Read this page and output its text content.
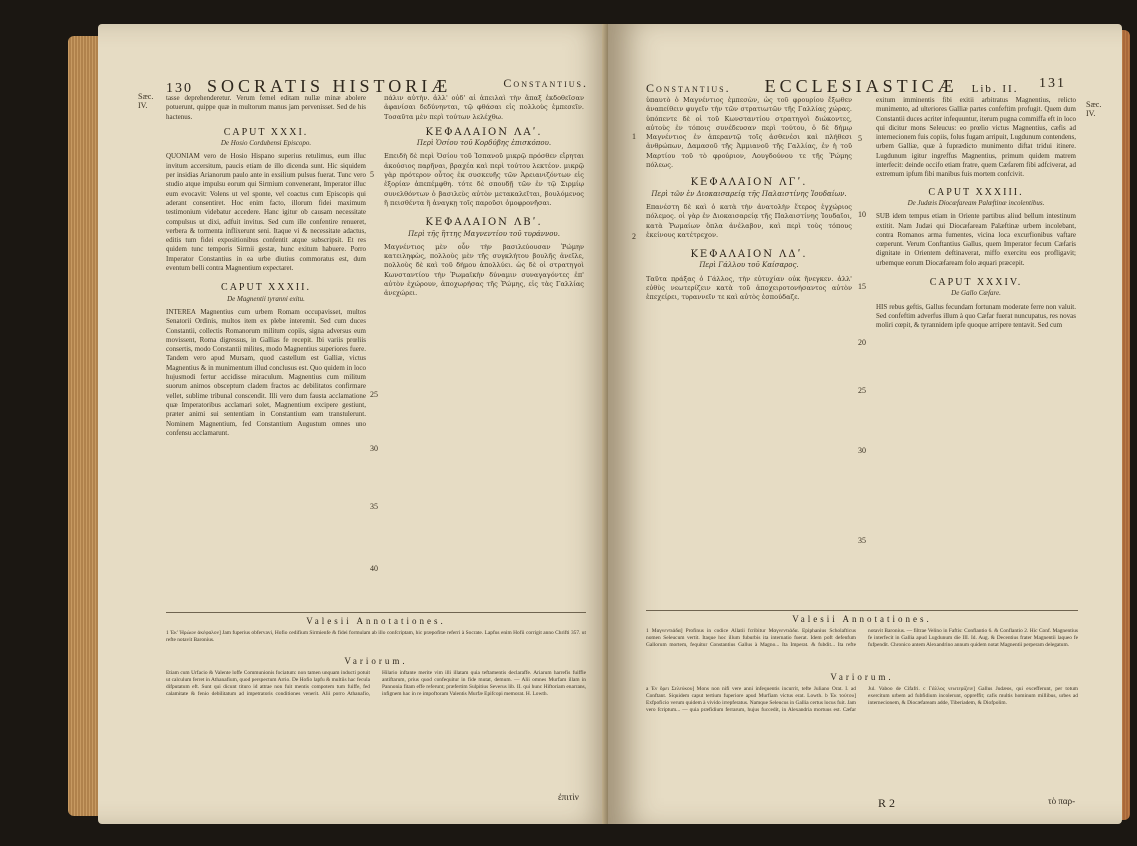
130 SOCRATIS HISTORIÆ	Constantius.
Sæc.
IV.

tasse deprehenderetur. Verum femel editam nullæ minæ abolere potuerunt, quippe quæ in multorum manus jam pervenisset. Sed de his hactenus.

CAPUT XXXI.
De Hosio Cordubensi Episcopo.

QUONIAM vero de Hosio Hispano superius retulimus, eum illuc invitum accersitum, paucis etiam de illo dicenda sunt. Hic siquidem per insidias Arianorum paulo ante in exsilium pulsus fuerat. Tunc vero studio atque impulsu eorum qui Sirmium convenerant, Imperator illuc eum evocavit: Volens ut vel sponte, vel coactus cum Episcopis qui aderant consentiret. Hoc enim facto, illorum fidei maximum testimonium videbatur accedere. Hanc igitur ob causam necessitate compulsus ut dixi, adfuit invitus. Sed cum ille confentire renueret, verbera & tormenta inflixerunt seni. Itaque vi & necessitate adactus, editis tum fidei expositionibus confentit atque subscripsit. Et res quidem tunc temporis Sirmii gestæ, hunc exitum habuere. Porro Imperator Constantius in ea urbe diutius commoratus est, dum eventum belli contra Magnentium expectaret.

CAPUT XXXII.
De Magnentii tyranni exitu.

INTEREA Magnentius cum urbem Romam occupavisset, multos Senatorii Ordinis, multos item ex plebe interemit. Sed cum duces Constantii, collectis Romanorum militum copiis, signa adversus eum movissent, Roma digressus, in Gallias fe recepit. Ibi variis prœliis consertis, modo Constantii milites, modo Magnentius superiores fuere. Tandem vero apud Mursam, quod castellum est Galliæ, victus Magnentius & in munimentum illud conclusus est. Quo quidem in loco hujusmodi fertur accidisse miraculum. Magnentius cum militum suorum animos obsceptum cladem fractos ac debilitatos confirmare vellet, sublime tribunal conscendit. Illi vero dum fausta acclamatione quæ Imperatoribus acclamari solet, Magnentium excipere gestiunt, præter animi sui sententiam in Constantium eam transtulerunt. Nominem Magnentium, fed Constantium Augustum omnes uno confensu acclamarunt.

πάλιν αὐτὴν. ἀλλ' οὐδ' αἱ ἀπειλαὶ τὴν ἅπαξ ἐκδοθεῖσαν ἀφανίσαι δεδύνηνται, τῷ φθάσαι εἰς πολλοὺς ἐμπεσεῖν. Τοσαῦτα μὲν περὶ τούτων λελέχθω.

ΚΕΦΑΛΑΙΟΝ ΛΑʹ.
Περὶ Ὁσίου τοῦ Κορδύβης ἐπισκόπου.

Επειδὴ δὲ περὶ Ὁσίου τοῦ Ἰσπανοῦ μικρῷ πρόσθεν εἴρηται ἀκούσιος παρῆναι, βραχέα καὶ περὶ τούτου λεκτέον. μικρῷ γὰρ πρότερον οὗτος ἐκ συσκευῆς τῶν Ἀρειανιζόντων εἰς ἐξορίαν ἀπεπέμφθη. τότε δὲ σπουδῇ τῶν ἐν τῷ Σιρμίῳ συνελθόντων ὁ βασιλεὺς αὐτὸν μετακαλεῖται, βουλόμενος ἢ πεισθέντα ἢ ἀναγκῃ τοῖς παροῦσι ὁμοφρονῆσαι.

ΚΕΦΑΛΑΙΟΝ ΛΒʹ.
Περὶ τῆς ἥττης Μαγνεντίου τοῦ τυράννου.

Μαγνέντιος μὲν οὖν τὴν βασιλεύουσαν Ῥώμην κατειληφὼς, πολλοὺς μὲν τῆς συγκλήτου βουλῆς ἀνεῖλε, πολλοὺς δὲ καὶ τοῦ δήμου ἀπολλύει. ὡς δὲ οἱ στρατηγοὶ Κωνσταντίου τὴν Ῥωμαϊκὴν δύναμιν συναγαγόντες ἐπ' αὐτὸν ἐχώρουν, ἀποχωρήσας τῆς Ῥώμης, εἰς τὰς Γαλλίας ἀνεχώρει.

5
25
30
35
40
Valesii Annotationes.
1 Ἐκ' Ἠρώων ἀκέφαλον] Jam fuperius obfervavi, Hofio cedifium Sirmienfe & fidei formulam ab illo confcriptam, hic præpofitæ referri à Socrate. Lapfus enim Hofii corrigit anno Chrifti 357. ut refte notavit Baronius.
Variorum.
Etiam cum Urfacio & Valente loffe Communionis fociatum: non tamen unquam inducti potuit ut calculum ferret in Athanafium, quod perspectum Arrio. De Hofio lapfu & multiis hac fecula difputatum eft. Sunt qui dicunt tituro id attrae non fuit mentis compotem tum fuiffe, fed calamitate & fenio debilitatum ad impetratoris conditiones venerit. Alii porro Athanafio, Hilario inftante merite vim illi illatam quia teftamentis declaraffe. Ariarum harrefis fuiffle antiftarum, prius quod confequitur in fide mutat, demum. — Alii omnes Murfam illam in Pannonia fitam effe referunt; præfertim Sulpitius Severus lib. II. qui hunc Hiftoriam enarrans, infignem hac in re impoftoram Valentis Murfæ Epifcopi memorat. H. Lowth.
ἐπιτὶν
Constantius. ECCLESIASTICÆ Lib. II. 131
Sæc.
IV.

ὑπαυτὸ ὁ Μαγνέντιος ἐμπεσὼν, ὡς τοῦ φρουρίου ἔξωθεν ἀναπείθειν φυγεῖν τὴν τῶν στρατιωτῶν τῆς Γαλλίας χώρας. ὑπόπεντε δὲ οἱ τοῦ Κωνσταντίου στρατηγοὶ διώκοντες, αὐτοὺς ἐν τόποις συνέδευσαν περὶ τούτου, ὁ δὲ δήμῳ Μαγνέντιος ἐν ἀπεραντῷ τοῖς ἀσθενέσι καὶ πλήθεσι ἀνθρώπων, Δαμασοῦ τῆς Ἀμμιανοῦ τῆς Γαλλίας, ἐν ἡ τοῦ Μαρτίου τοῦ τὸ φρούριον, Λουγδούνου τε τῆς Ῥώμης πόλεως.

ΚΕΦΑΛΑΙΟΝ ΛΓʹ.
Περὶ τῶν ἐν Διοκαισαρείᾳ τῆς Παλαιστίνης Ἰουδαίων.

Επανέστη δὲ καὶ ὁ κατὰ τὴν ἀνατολὴν ἕτερος ἐγχώριος πόλεμος. οἱ γὰρ ἐν Διοκαισαρείᾳ τῆς Παλαιστίνης Ἰουδαῖοι, κατὰ Ῥωμαίων ὅπλα ἀνέλαβον, καὶ περὶ τοὺς τόπους ἐκείνους κατέτρεχον.

ΚΕΦΑΛΑΙΟΝ ΛΔʹ.
Περὶ Γάλλου τοῦ Καίσαρος.

Ταῦτα πράξας ὁ Γάλλος, τὴν εὐτυχίαν οὐκ ἤνεγκεν. ἀλλ' εὐθὺς νεωτερίζειν κατὰ τοῦ ἀποχειροτονήσαντος αὐτὸν ἐπεχείρει, τυραννεῖν τε καὶ αὐτὸς ἐσπούδαζε.

exitum imminentis fibi exitii arbitratus Magnentius, relicto munimento, ad ulteriores Galliæ partes confeftim profugit. Quem dum Constantii duces acriter infequuntur, iterum pugna commiffa eft in loco qui dicitur mons Seleucus: eo prœlio victus Magnentius, cæfis ad internecionem fuis copiis, folus fugam arripuit, Lugdunum contendens, urbem Galliæ, quæ à fuprædicto munimento diftat tridui itinere. Lugdunum igitur ingreffus Magnentius, primum quidem matrem interfecit: deinde occifo etiam fratre, quem Cæfarem fibi adfciverat, ad extremum ipfum fibi manibus fuis mortem confcivit.

CAPUT XXXIII.
De Judæis Diocæfaream Palæftinæ incolentibus.

SUB idem tempus etiam in Oriente partibus aliud bellum intestinum extitit. Nam Judæi qui Diocæfaream Palæftinæ urbem incolebant, contra Romanos arma fumentes, vicina loca excurfionibus vaftare cœperunt. Verum Conftantius Gallus, quem Imperator fecum Cæfaris dignitate in Orientem deftinaverat, miffo exercitu eos profligavit; urbemque eorum Diocæfaream folo æquari præcepit.

CAPUT XXXIV.
De Gallo Cæfare.

HIS rebus geftis, Gallus fecundam fortunam moderate ferre non valuit. Sed confeftim adverfus illum à quo Cæfar fuerat nuncupatus, res novas moliri cœpit, & tyrannidem ipfe quoque arripere tentavit. Sed cum

1	5
10
2
15
20
25
30
35
Valesii Annotationes.
1 Μαγνεντιάδα] Profinus in codice Allatii fcribitur Μαγνεντιάδα. Epiphanius Scholafticus nomen Seleucum vertit. Itaque hoc illum fuburbis ita internatio fuerat. Idem poft defenfum Gallorum mortem, fequitur Constantius Gallus à Magno... Ita Imperat. & fubdit... Ita refte notavit Baronius. — filtrae Velino in Faftis: Conflantio 6. & Conflantio 2. Hic Conf. Magnentius fe interfecit in Gallia apud Lugdunum die III. Id. Aug. & Decentius frater Magnentii laqueo fe fufpendit. Chronico antem Alexandrino annum quidem notat Magnentii perperam delegatum.
Variorum.
a Ἐν ὄρει Σελεύκου] Mons non nifi vere anni infequentis incurrit, tefte Juliano Orat. I. ad Conftant. Siquidem caput tertium fuperiore apud Murfiam victus erat. Lowth. b Ἐκ τούτου] Exfpoficio verum quidem à vivido irrepferatus. Namque Seleucus in Gallia certus locus fuit. Jam vero fcriptum... — quia præfidium ferrarum, hujus fuccedit, in Alexandria mortuus est. Cæfar Jul. Vaboo de Cifafri. c Γάλλος νεωτερίζειν] Gallus Judæos, qui excefferunt, per totum exercitum urbem ad fubfidium incolerunt, oppreffit; cafis multis hominum millibus, urbes ad internecionem, & Diocæfaream adde, Tiberiadem, & Diofpolim.
R 2	τὸ παρ-
